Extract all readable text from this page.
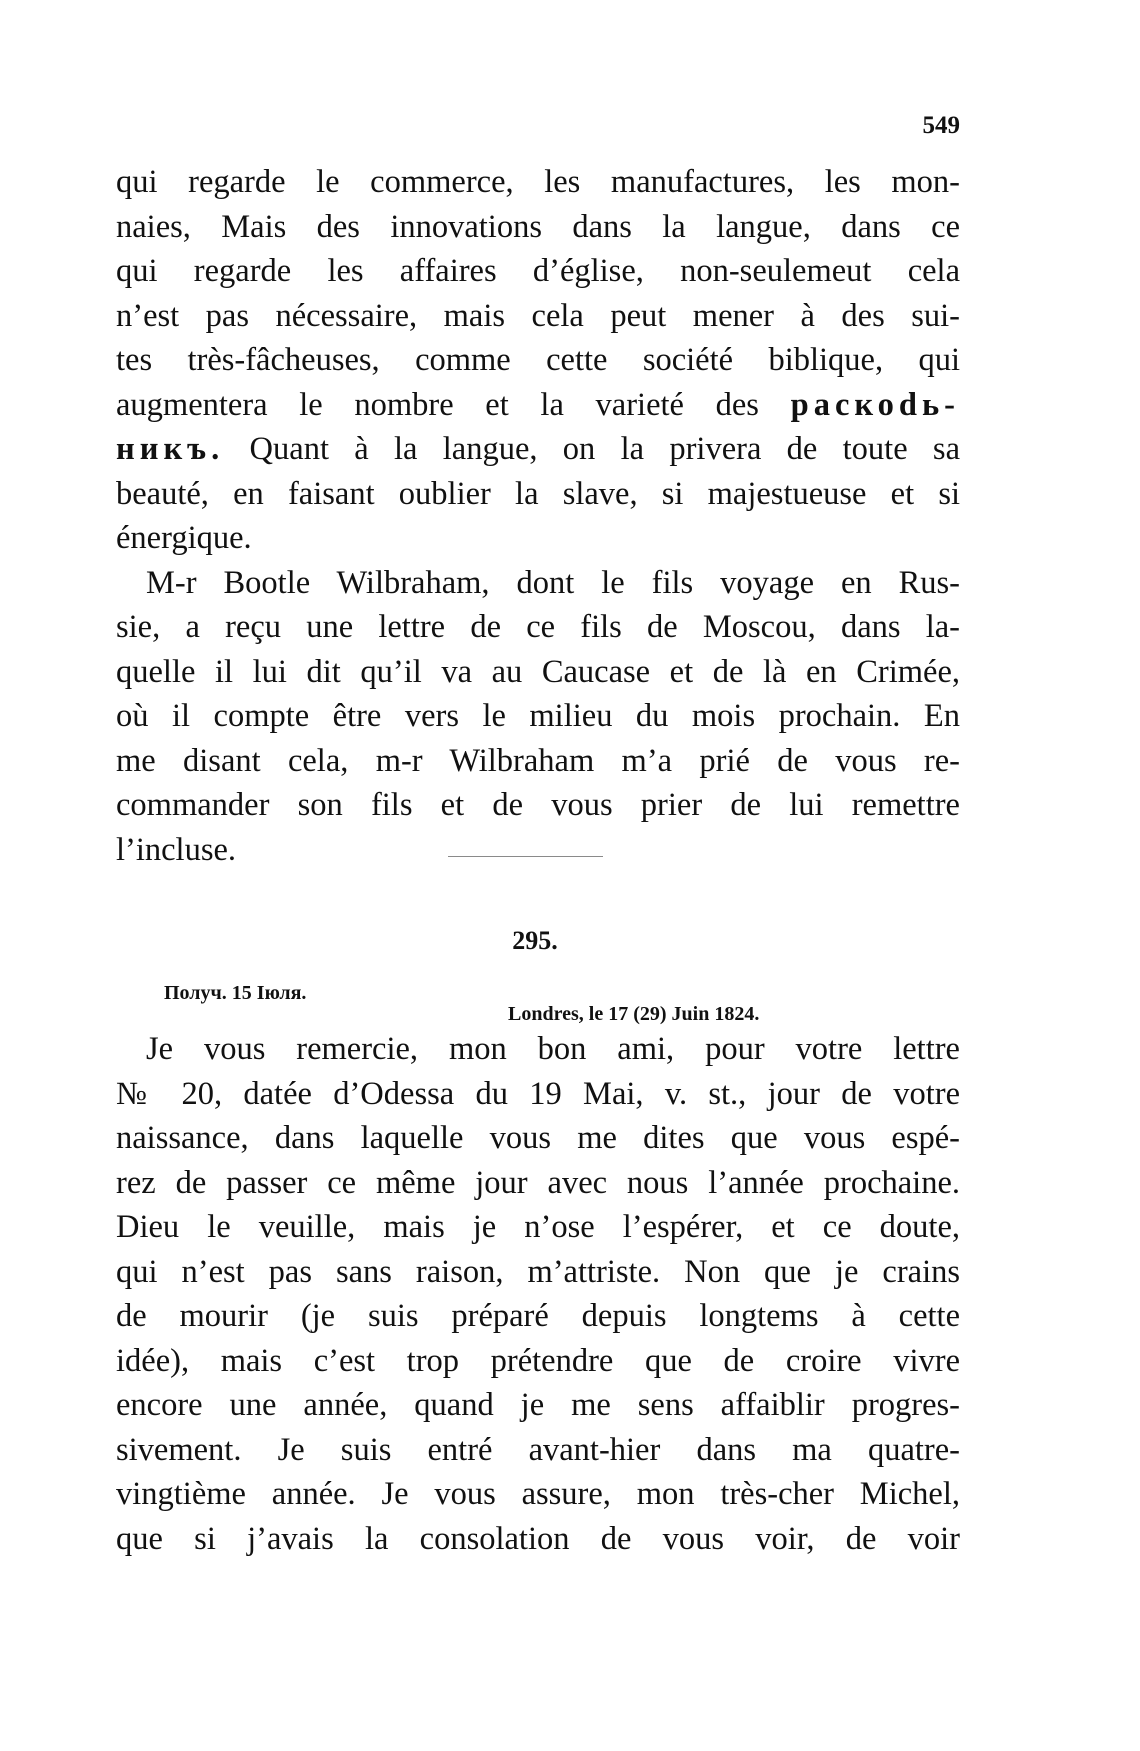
549
qui regarde le commerce, les manufactures, les mon-
naies, Mais des innovations dans la langue, dans ce
qui regarde les affaires d’église, non-seulemeut cela
n’est pas nécessaire, mais cela peut mener à des sui-
tes très-fâcheuses, comme cette société biblique, qui
augmentera le nombre et la varieté des раскоdь-
никъ. Quant à la langue, on la privera de toute sa
beauté, en faisant oublier la slave, si majestueuse et si
énergique.
M-r Bootle Wilbraham, dont le fils voyage en Rus-
sie, a reçu une lettre de ce fils de Moscou, dans la-
quelle il lui dit qu’il va au Caucase et de là en Crimée,
où il compte être vers le milieu du mois prochain. En
me disant cela, m-r Wilbraham m’a prié de vous re-
commander son fils et de vous prier de lui remettre
l’incluse.
295.
Получ. 15 Іюля.
Londres, le 17 (29) Juin 1824.
Je vous remercie, mon bon ami, pour votre lettre
№ 20, datée d’Odessa du 19 Mai, v. st., jour de votre
naissance, dans laquelle vous me dites que vous espé-
rez de passer ce même jour avec nous l’année prochaine.
Dieu le veuille, mais je n’ose l’espérer, et ce doute,
qui n’est pas sans raison, m’attriste. Non que je crains
de mourir (je suis préparé depuis longtems à cette
idée), mais c’est trop prétendre que de croire vivre
encore une année, quand je me sens affaiblir progres-
sivement. Je suis entré avant-hier dans ma quatre-
vingtième année. Je vous assure, mon très-cher Michel,
que si j’avais la consolation de vous voir, de voir
